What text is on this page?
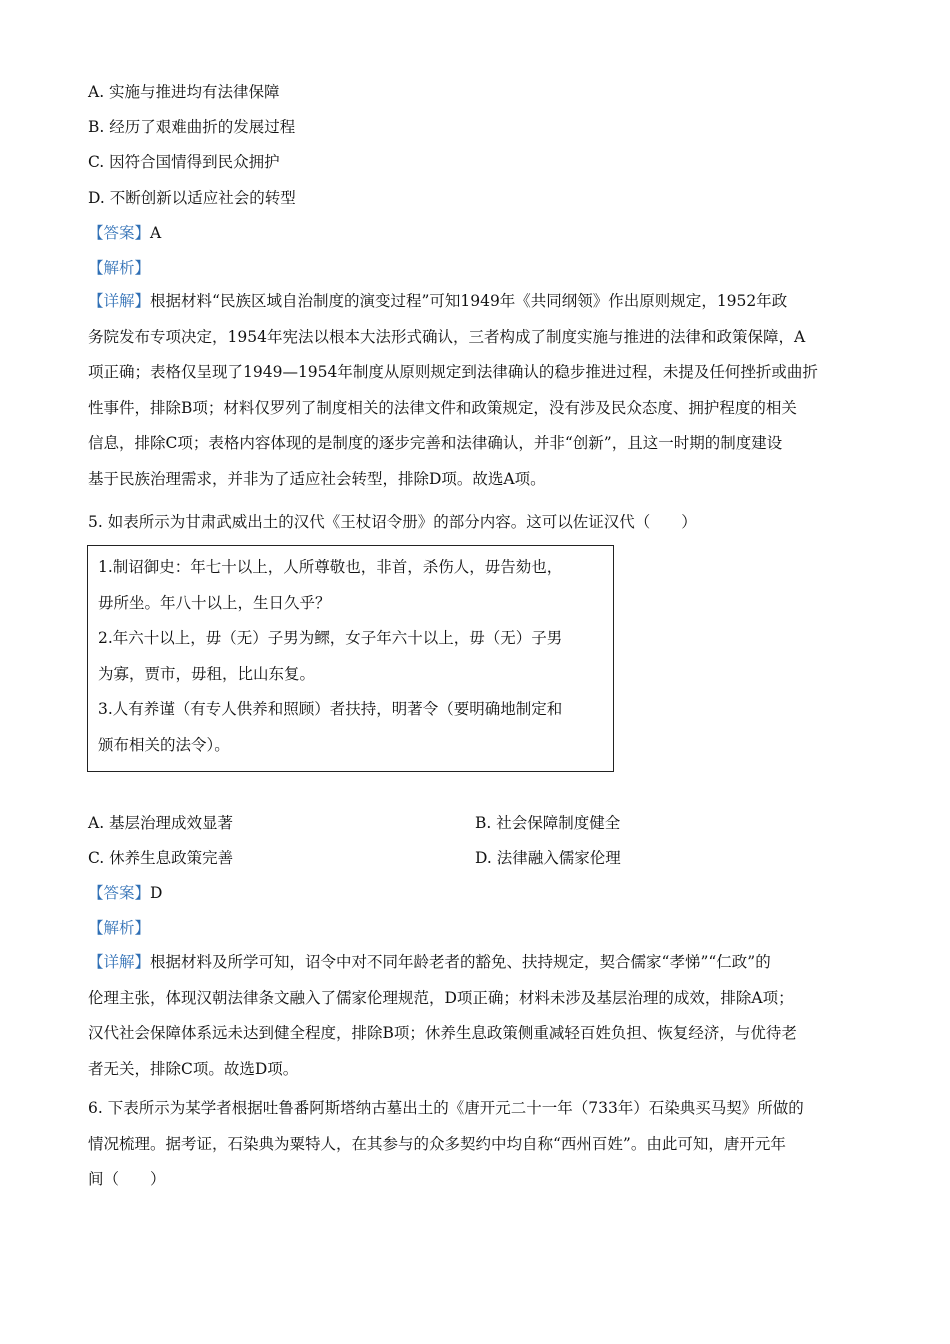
A. 实施与推进均有法律保障
B. 经历了艰难曲折的发展过程
C. 因符合国情得到民众拥护
D. 不断创新以适应社会的转型
【答案】A
【解析】
【详解】根据材料“民族区域自治制度的演变过程”可知1949年《共同纲领》作出原则规定，1952年政
务院发布专项决定，1954年宪法以根本大法形式确认，三者构成了制度实施与推进的法律和政策保障，A
项正确；表格仅呈现了1949—1954年制度从原则规定到法律确认的稳步推进过程，未提及任何挫折或曲折
性事件，排除B项；材料仅罗列了制度相关的法律文件和政策规定，没有涉及民众态度、拥护程度的相关
信息，排除C项；表格内容体现的是制度的逐步完善和法律确认，并非“创新”，且这一时期的制度建设
基于民族治理需求，并非为了适应社会转型，排除D项。故选A项。
5. 如表所示为甘肃武威出土的汉代《王杖诏令册》的部分内容。这可以佐证汉代（　　）
1.制诏御史：年七十以上，人所尊敬也，非首，杀伤人，毋告劾也，
毋所坐。年八十以上，生日久乎？
2.年六十以上，毋（无）子男为鳏，女子年六十以上，毋（无）子男
为寡，贾市，毋租，比山东复。
3.人有养谨（有专人供养和照顾）者扶持，明著令（要明确地制定和
颁布相关的法令）。
A. 基层治理成效显著
C. 休养生息政策完善
【答案】D
【解析】
【详解】根据材料及所学可知，诏令中对不同年龄老者的豁免、扶持规定，契合儒家“孝悌”“仁政”的
伦理主张，体现汉朝法律条文融入了儒家伦理规范，D项正确；材料未涉及基层治理的成效，排除A项；
汉代社会保障体系远未达到健全程度，排除B项；休养生息政策侧重减轻百姓负担、恢复经济，与优待老
者无关，排除C项。故选D项。
6. 下表所示为某学者根据吐鲁番阿斯塔纳古墓出土的《唐开元二十一年（733年）石染典买马契》所做的
情况梳理。据考证，石染典为粟特人，在其参与的众多契约中均自称“西州百姓”。由此可知，唐开元年
间（　　）
B. 社会保障制度健全
D. 法律融入儒家伦理
